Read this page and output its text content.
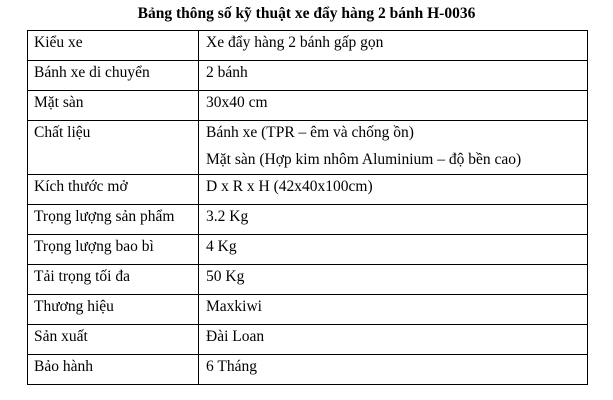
Bảng thông số kỹ thuật xe đẩy hàng 2 bánh H-0036
Kiểu xe	Xe đẩy hàng 2 bánh gấp gọn
Bánh xe di chuyển	2 bánh
Mặt sàn	30x40 cm
Chất liệu	Bánh xe (TPR – êm và chống ồn)
Mặt sàn (Hợp kim nhôm Aluminium – độ bền cao)

Kích thước mở	D x R x H (42x40x100cm)
Trọng lượng sản phẩm	3.2 Kg
Trọng lượng bao bì	4 Kg
Tải trọng tối đa	50 Kg
Thương hiệu	Maxkiwi
Sản xuất	Đài Loan
Bảo hành	6 Tháng
